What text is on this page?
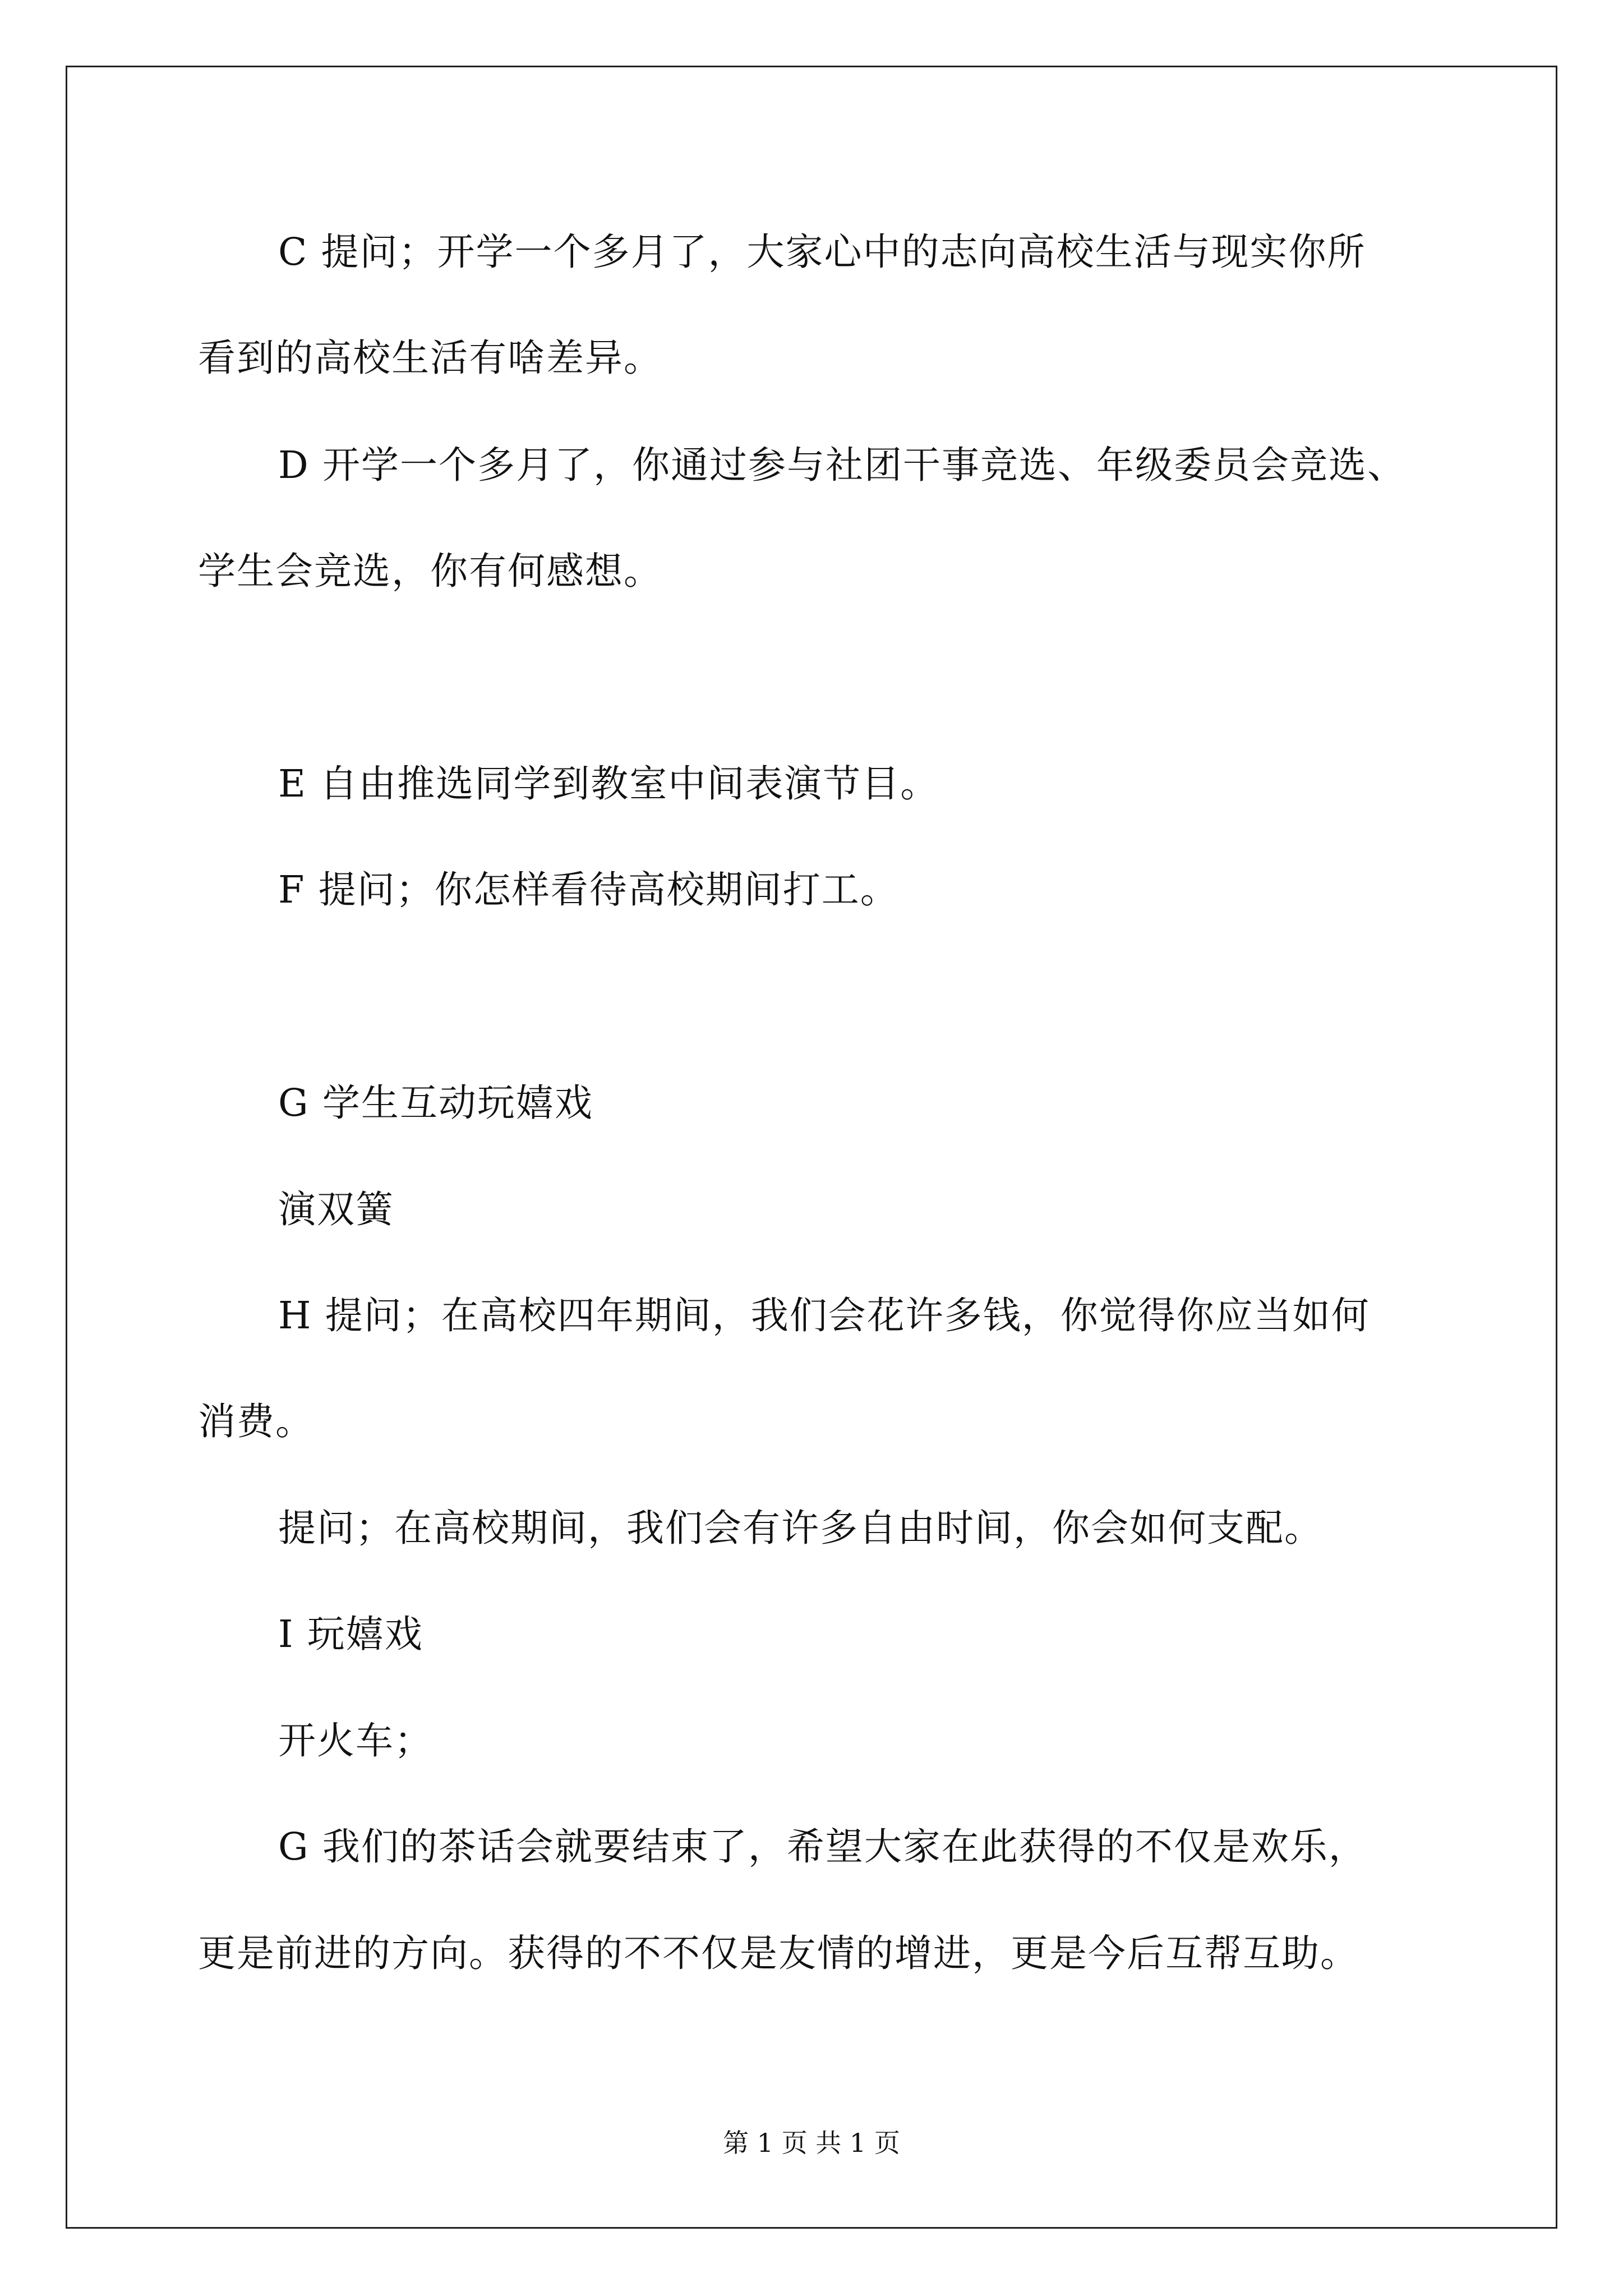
C 提问；开学一个多月了，大家心中的志向高校生活与现实你所
看到的高校生活有啥差异。
D 开学一个多月了，你通过参与社团干事竞选、年级委员会竞选、
学生会竞选，你有何感想。
E 自由推选同学到教室中间表演节目。
F 提问；你怎样看待高校期间打工。
G 学生互动玩嬉戏
演双簧
H 提问；在高校四年期间，我们会花许多钱，你觉得你应当如何
消费。
提问；在高校期间，我们会有许多自由时间，你会如何支配。
I 玩嬉戏
开火车；
G 我们的茶话会就要结束了，希望大家在此获得的不仅是欢乐，
更是前进的方向。获得的不不仅是友情的增进，更是今后互帮互助。
第 1 页 共 1 页
